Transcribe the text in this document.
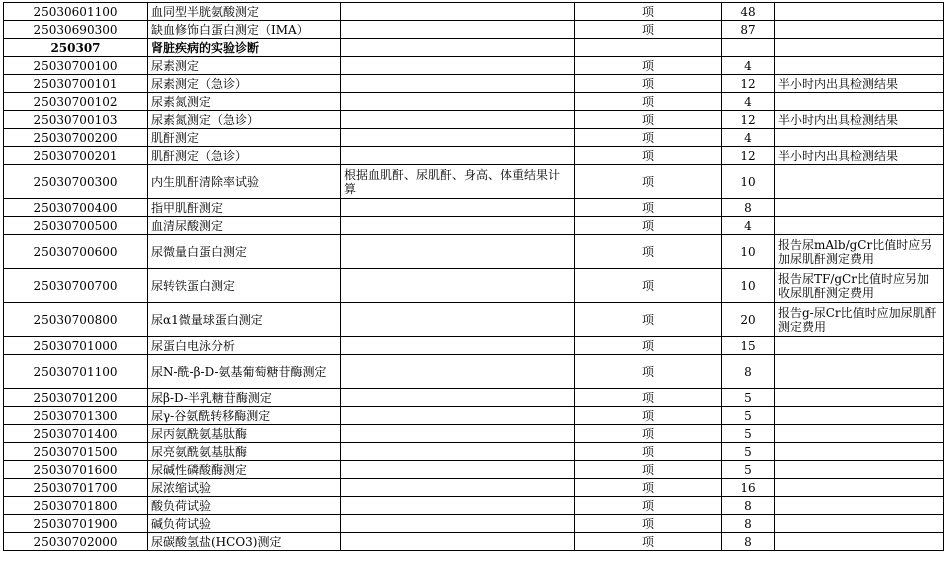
250306011​00	血同型半胱氨酸测定		项	48	
25030690300	缺血修饰白蛋白测定（IMA）		项	87	
250307	肾脏疾病的实验诊断				
25030700100	尿素测定		项	4	
25030700101	尿素测定（急诊）		项	12	半小时内出具检测结果
25030700102	尿素氮测定		项	4	
25030700103	尿素氮测定（急诊）		项	12	半小时内出具检测结果
25030700200	肌酐测定		项	4	
25030700201	肌酐测定（急诊）		项	12	半小时内出具检测结果
25030700300	内生肌酐清除率试验	根据血肌酐、尿肌酐、身高、体重结果计算	项	10	
25030700400	指甲肌酐测定		项	8	
25030700500	血清尿酸测定		项	4	
25030700600	尿微量白蛋白测定		项	10	报告尿mAlb/gCr比值时应另加尿肌酐测定费用
25030700700	尿转铁蛋白测定		项	10	报告尿TF/gCr比值时应另加收尿肌酐测定费用
25030700800	尿α1微量球蛋白测定		项	20	报告g-尿Cr比值时应加尿肌酐测定费用
25030701000	尿蛋白电泳分析		项	15	
25030701100	尿N-酰-β-D-氨基葡萄糖苷酶测定		项	8	
25030701200	尿β-D-半乳糖苷酶测定		项	5	
25030701300	尿γ-谷氨酰转移酶测定		项	5	
25030701400	尿丙氨酰氨基肽酶		项	5	
25030701500	尿亮氨酰氨基肽酶		项	5	
25030701600	尿碱性磷酸酶测定		项	5	
25030701700	尿浓缩试验		项	16	
25030701800	酸负荷试验		项	8	
25030701900	碱负荷试验		项	8	
25030702000	尿碳酸氢盐(HCO3)测定		项	8	
